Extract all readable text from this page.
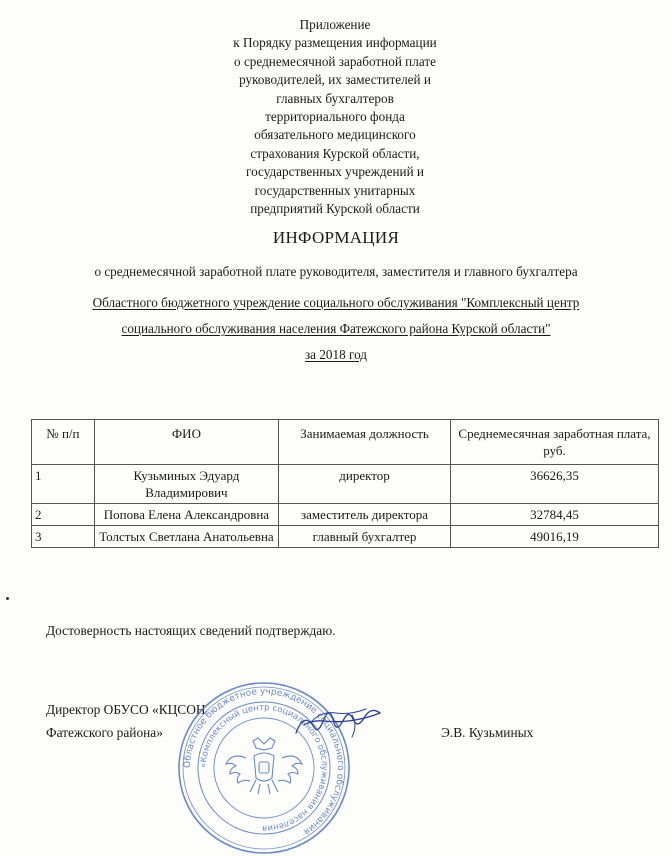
Приложение
к Порядку размещения информации
о среднемесячной заработной плате
руководителей, их заместителей и
главных бухгалтеров
территориального фонда
обязательного медицинского
страхования Курской области,
государственных учреждений и
государственных унитарных
предприятий Курской области
ИНФОРМАЦИЯ
о среднемесячной заработной плате руководителя, заместителя и главного бухгалтера
Областного бюджетного учреждение социального обслуживания "Комплексный центр
социального обслуживания населения Фатежского района Курской области"
за 2018 год
№ п/п	ФИО	Занимаемая должность	Среднемесячная заработная плата, руб.
1	Кузьминых Эдуард Владимирович	директор	36626,35
2	Попова Елена Александровна	заместитель директора	32784,45
3	Толстых Светлана Анатольевна	главный бухгалтер	49016,19
Достоверность настоящих сведений подтверждаю.
Директор ОБУСО «КЦСОН
Фатежского района»	Э.В. Кузьминых
Областное бюджетное учреждение социального обслуживания
«Комплексный центр социального обслуживания населения
